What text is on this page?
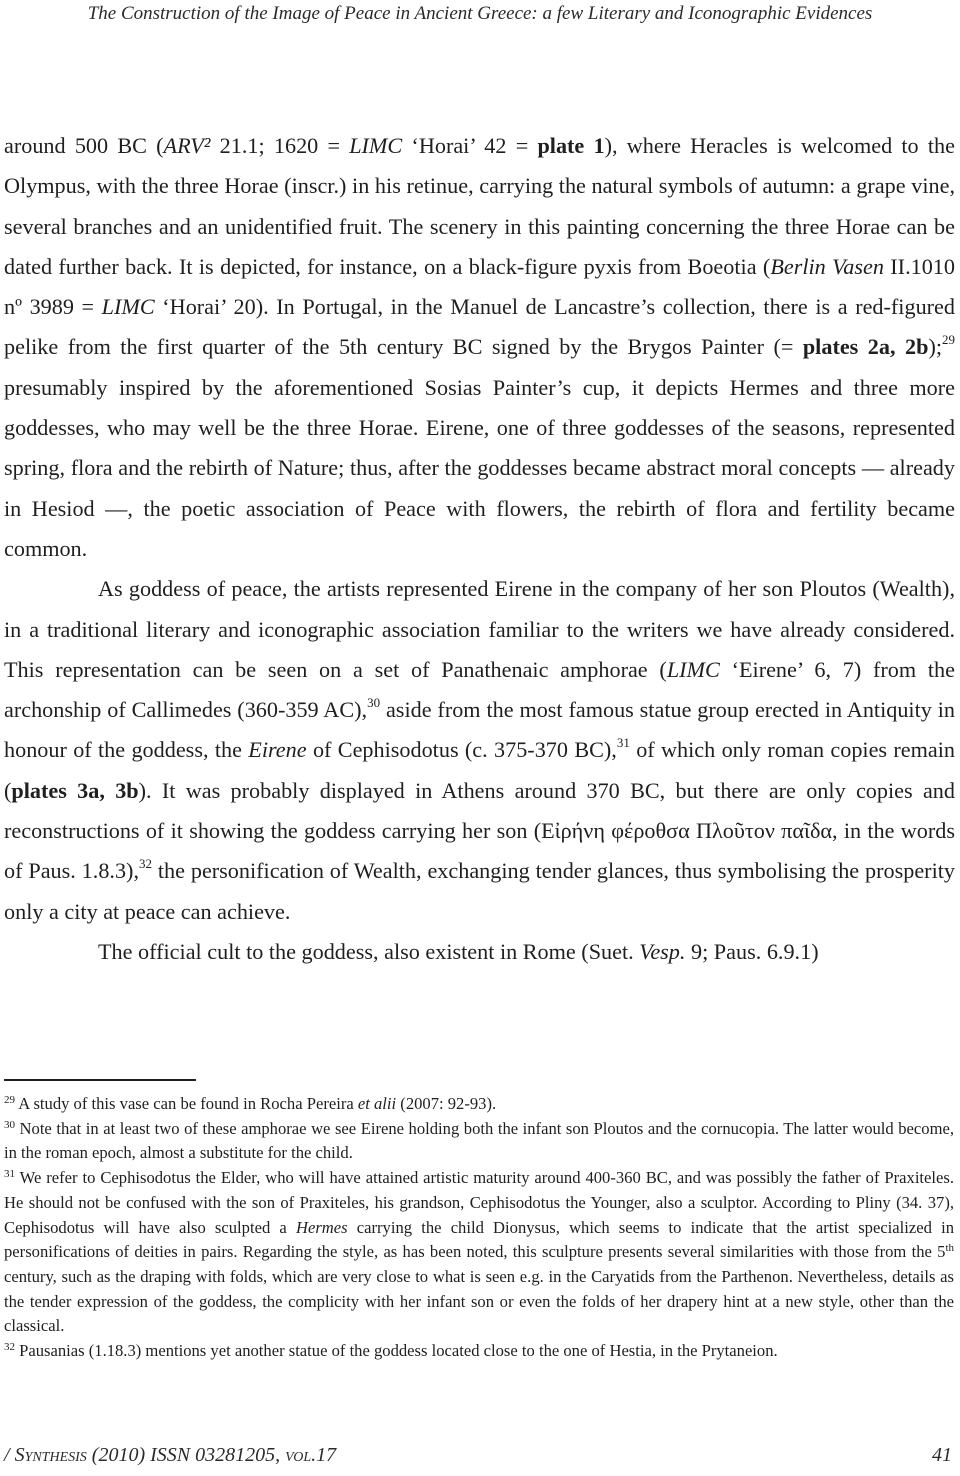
The Construction of the Image of Peace in Ancient Greece: a few Literary and Iconographic Evidences

around 500 BC (ARV² 21.1; 1620 = LIMC ‘Horai’ 42 = plate 1), where Heracles is welcomed to the Olympus, with the three Horae (inscr.) in his retinue, carrying the natural symbols of autumn: a grape vine, several branches and an unidentified fruit. The scenery in this painting concerning the three Horae can be dated further back. It is depicted, for instance, on a black-figure pyxis from Boeotia (Berlin Vasen II.1010 nº 3989 = LIMC ‘Horai’ 20). In Portugal, in the Manuel de Lancastre’s collection, there is a red-figured pelike from the first quarter of the 5th century BC signed by the Brygos Painter (= plates 2a, 2b);$^{29}$ presumably inspired by the aforementioned Sosias Painter’s cup, it depicts Hermes and three more goddesses, who may well be the three Horae. Eirene, one of three goddesses of the seasons, represented spring, flora and the rebirth of Nature; thus, after the goddesses became abstract moral concepts — already in Hesiod —, the poetic association of Peace with flowers, the rebirth of flora and fertility became common.

As goddess of peace, the artists represented Eirene in the company of her son Ploutos (Wealth), in a traditional literary and iconographic association familiar to the writers we have already considered. This representation can be seen on a set of Panathenaic amphorae (LIMC ‘Eirene’ 6, 7) from the archonship of Callimedes (360-359 AC),$^{30}$ aside from the most famous statue group erected in Antiquity in honour of the goddess, the Eirene of Cephisodotus (c. 375-370 BC),$^{31}$ of which only roman copies remain (plates 3a, 3b). It was probably displayed in Athens around 370 BC, but there are only copies and reconstructions of it showing the goddess carrying her son (Εἰρήνη φέροθσα Πλοῦτον παῖδα, in the words of Paus. 1.8.3),$^{32}$ the personification of Wealth, exchanging tender glances, thus symbolising the prosperity only a city at peace can achieve.

The official cult to the goddess, also existent in Rome (Suet. Vesp. 9; Paus. 6.9.1)

$^{29}$ A study of this vase can be found in Rocha Pereira et alii (2007: 92-93).

$^{30}$ Note that in at least two of these amphorae we see Eirene holding both the infant son Ploutos and the cornucopia. The latter would become, in the roman epoch, almost a substitute for the child.

$^{31}$ We refer to Cephisodotus the Elder, who will have attained artistic maturity around 400-360 BC, and was possibly the father of Praxiteles. He should not be confused with the son of Praxiteles, his grandson, Cephisodotus the Younger, also a sculptor. According to Pliny (34. 37), Cephisodotus will have also sculpted a Hermes carrying the child Dionysus, which seems to indicate that the artist specialized in personifications of deities in pairs. Regarding the style, as has been noted, this sculpture presents several similarities with those from the 5th century, such as the draping with folds, which are very close to what is seen e.g. in the Caryatids from the Parthenon. Nevertheless, details as the tender expression of the goddess, the complicity with her infant son or even the folds of her drapery hint at a new style, other than the classical.

$^{32}$ Pausanias (1.18.3) mentions yet another statue of the goddess located close to the one of Hestia, in the Prytaneion.

/ Synthesis (2010) ISSN 03281205, vol.17	41
